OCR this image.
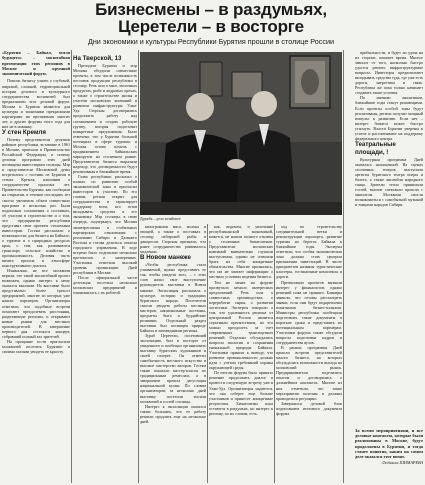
Бизнесмены – в раздумьях,
Церетели – в восторге
Дни экономики и культуры Республики Бурятия прошли в столице России

«Бурятия – Байкал, земля будущего» – масштабная презентация этих регионов в Москве и крупный экономический форум.

Помочь бизнесу узнать о глубокой, широкой, сложной, территориальной истории делового и культурного сотрудничества москвичей был предназначен этот деловой форум. Москва и Бурятия являются для культуры и экономики прекрасными партнерами на протяжении многих лет, и другие форумы этого года для них не в новинку.

У стен Кремля

Почему представители десятков районов республики, вставшие в 1961 в Москве, приехали в Правительство Российской Федерации, и почему деловая программа этих дней посвящена инвестициям столицы. Мэр и представители Московской думы встретились с гостями из Бурятии в стенах Кремля, напомнив о сотрудничестве прошлых лет. Правительство Бурятии, как сообщили на открытии, в течение последних лет смогло увеличить объем совместных программ в несколько раз. Были подписаны соглашения о поставках, об участии в строительстве и о том, что предприятия республики представят свои проекты столичным инвесторам. Гостям рассказали о возможностях для бизнеса на Байкале, о туризме и о природных ресурсах края, о том, как развиваются транспорт, сельское хозяйство и промышленность. Деловая часть визита прошла в атмосфере конструктивного диалога.

Изначально не все москвичи верили, что такой масштабный проект возможен, однако интерес к нему оказался высоким. На выставке было представлено более трехсот предприятий, многие из которых уже нашли партнеров. Организаторы отметили, что подобные встречи помогают преодолевать расстояния, разделяющие регионы, и открывают новые рынки для местных производителей. В завершение первого дня состоялся концерт, собравший полный зал зрителей.

На прощание гости пригласили москвичей посетить Бурятию и своими глазами увидеть ее красоту.

На Тверской, 13

Президент Бурятии и мэр Москвы обсудили совместные проекты, в том числе возможность поставок продукции республики в столицу. Речь шла о мясе, молочных продуктах, рыбе и кедровых орехах, а также о строительстве жилья и участии московских компаний в развитии инфраструктуры Улан-Удэ. Стороны договорились продолжить работу над соглашением и создать рабочую группу, которая подготовит конкретные предложения. Было отмечено, что у Бурятии большой потенциал в сфере туризма, и Москва готова помочь с продвижением байкальских маршрутов на столичном рынке. Представители бизнеса выразили надежду, что договоренности будут реализованы в ближайшее время.

Глава республики рассказал о планах по развитию особой экономической зоны и пригласил инвесторов к участию. По его словам, регион открыт для сотрудничества и гарантирует поддержку всем, кто готов вкладывать средства в его экономику. Мэр столицы, в свою очередь, подчеркнул, что Москва заинтересована в стабильных партнерских отношениях с регионами Сибири и Дальнего Востока и готова делиться опытом городского управления. В ходе встречи было подписано несколько протоколов о намерениях. Участники отметили высокий уровень организации Дней республики в Москве.

После официальной части делегация посетила несколько московских предприятий и ознакомилась с их работой.

Дружба – дело хозяйское

килограммов мяса, молока и овощей, а также о поставках в столицу сибирской рыбы и дикоросов. Стороны признали, что ранее сотрудничество развивалось медленно.

В Новом манеже

«Чтобы республика стала узнаваемой, нужно представить ее так, чтобы увидели все», – с этих слов начал свое выступление руководитель выставки в Новом манеже. Экспозиция рассказала о культуре, истории и традициях бурятского народа. Посетители смогли увидеть работы местных мастеров, национальные костюмы, предметы быта и буддийские реликвии. Отдельный раздел выставки был посвящен природе Байкала и заповедникам региона.

Зураб Церетели, посетивший экспозицию, был в восторге от увиденного и пообещал организовать выставку бурятских художников в своей галерее. Он отметил самобытность местного искусства и высокое мастерство авторов. Гостям также показали мастер-классы по традиционным ремеслам, а в завершение прошла дегустация национальной кухни. По словам организаторов, за несколько дней выставку посетили тысячи москвичей и гостей столицы.

Интерес к экспозиции оказался таким большим, что ее работу решили продлить еще на несколько дней.

как, впрочем, и увлечение республиканской экономикой, кажется, не нашли полного отклика у столичных бизнесменов. Представители московских компаний внимательно слушали выступления, однако не спешили брать на себя конкретные обязательства. Многие признались, что им не хватает информации о местных условиях ведения бизнеса.

Тем не менее на форуме прозвучало немало интересных предложений. Речь шла о совместных производствах, о переработке сырья, о развитии логистики. Эксперты говорили о том, что удаленность региона от центральной России является серьезным препятствием, но его можно преодолеть за счет современных транспортных решений. Отдельно обсуждались вопросы экологии и сохранения уникальной природы Байкала. Участники пришли к выводу, что развитие промышленности должно идти с учетом требований охраны окружающей среды.

По итогам форума было принято решение продолжить диалог и провести следующую встречу уже в Улан-Удэ. Организаторы надеются, что она соберет еще больше участников и принесет конкретные результаты. Бизнесмены пока остаются в раздумьях, но интерес к региону, по их словам, есть.

ход по строительству соединительной ветки и реконструкции аэропорта, развитие туризма на берегах Байкала в ближайшие годы. Эксперты отметили, что особая экономическая зона должна стать центром притяжения инвестиций. В числе приоритетов названы туристические кластеры, гостиничные комплексы и дороги.

Презентации проектов вызвали интерес у финансистов, однако решений пока не принято. Банкиры заявили, что готовы рассмотреть заявки, если они будут подкреплены понятными бизнес-планами. Министры республики пообещали подготовить такие документы в короткие сроки и представить их потенциальным партнерам. Участники форума также обсудили вопросы подготовки кадров и сотрудничества вузов.

В рамках программы Дней прошли встречи представителей малого бизнеса, на которых обсуждались возможности выхода на московский рынок. Предприниматели поделились опытом и договорились о дальнейших контактах. Многие из них отметили, что такие мероприятия полезны и должны проводиться регулярно.

Завершился деловой блок подписанием итогового документа форума.

прибыльности, и будет ли удача на их стороне, покажет время. Многое зависит от того, насколько быстро удастся решить инфраструктурные вопросы. Инвесторы предпочитают вкладывать средства туда, где уже есть дороги, энергетика и связь. Республика же пока только начинает создавать такие условия.

По мнению аналитиков, ближайшие годы станут решающими. Если проекты особой зоны будут реализованы, регион получит мощный импульс к развитию. Если нет – интерес бизнеса может быстро угаснуть. Власти Бурятии уверены в успехе и рассчитывают на поддержку федерального центра.

Театральные площади, !

Культурная программа Дней оказалась насыщенной. На сценах столичных театров выступили артисты бурятского театра оперы и балета, а также ансамбли народного танца. Зрители тепло принимали гостей, многие спектакли прошли с аншлагом. Москвичи смогли познакомиться с самобытной музыкой и танцами народов Сибири.

За всеми мероприятиями, и все деловые контакты, которые были реализованы в Москве, будут продолжены в Бурятии, и тогда станет понятно, каким на самом деле оказался этот визит.
Людмила ШИМАРЕВА
